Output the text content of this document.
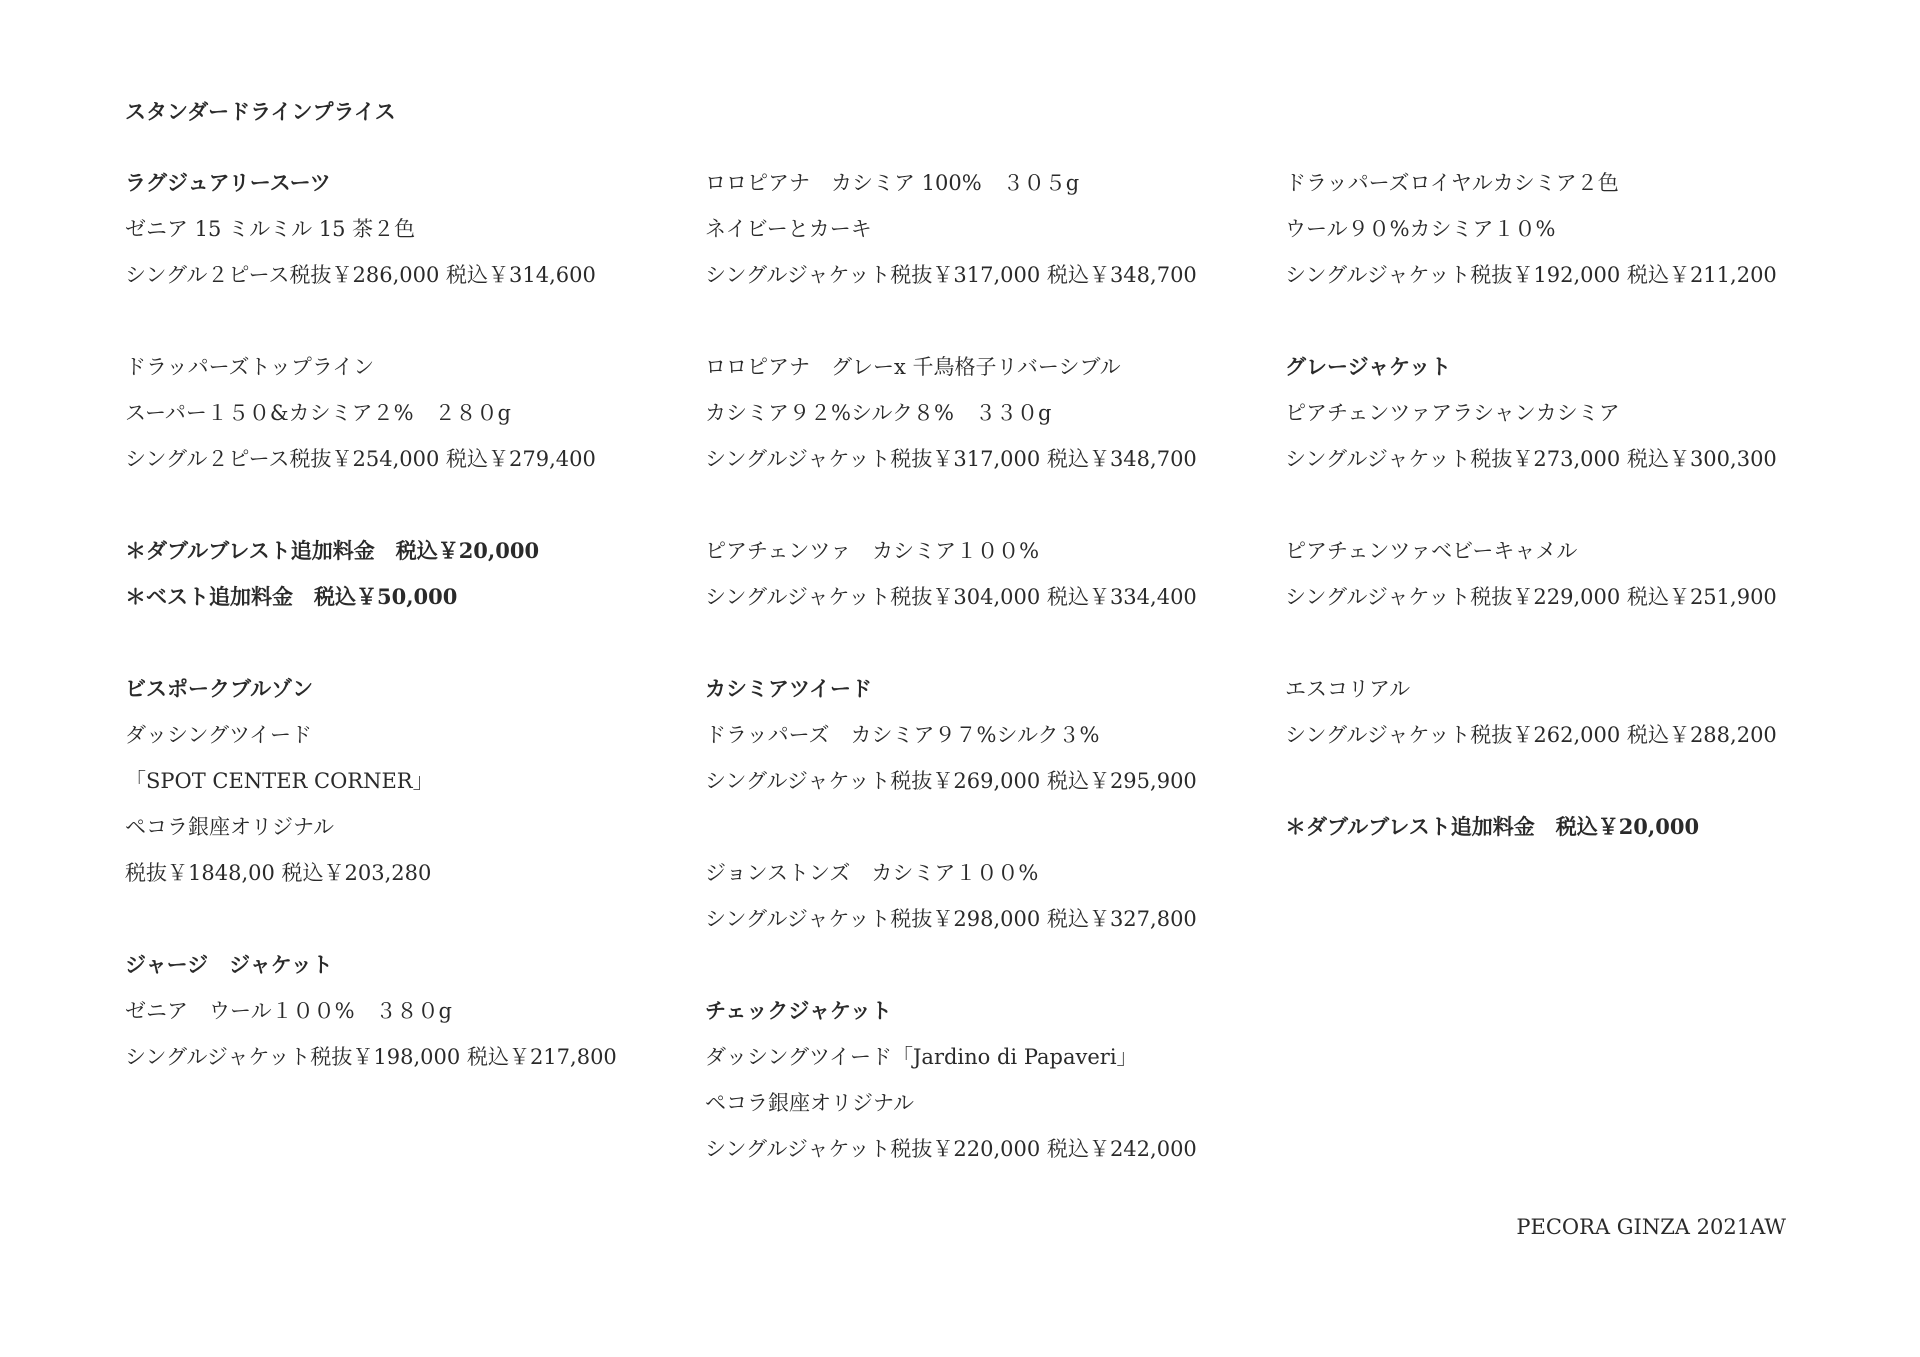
スタンダードラインプライス
ラグジュアリースーツ
ゼニア 15 ミルミル 15 茶２色
シングル２ピース税抜￥286,000 税込￥314,600
ドラッパーズトップライン
スーパー１５０&カシミア２%　２８０g
シングル２ピース税抜￥254,000 税込￥279,400
＊ダブルブレスト追加料金　税込￥20,000
＊ベスト追加料金　税込￥50,000
ビスポークブルゾン
ダッシングツイード
「SPOT CENTER CORNER」
ペコラ銀座オリジナル
税抜￥1848,00 税込￥203,280
ジャージ　ジャケット
ゼニア　ウール１００%　３８０g
シングルジャケット税抜￥198,000 税込￥217,800
ロロピアナ　カシミア 100%　３０５g
ネイビーとカーキ
シングルジャケット税抜￥317,000 税込￥348,700
ロロピアナ　グレーx 千鳥格子リバーシブル
カシミア９２%シルク８%　３３０g
シングルジャケット税抜￥317,000 税込￥348,700
ピアチェンツァ　カシミア１００%
シングルジャケット税抜￥304,000 税込￥334,400
カシミアツイード
ドラッパーズ　カシミア９７%シルク３%
シングルジャケット税抜￥269,000 税込￥295,900
ジョンストンズ　カシミア１００%
シングルジャケット税抜￥298,000 税込￥327,800
チェックジャケット
ダッシングツイード「Jardino di Papaveri」
ペコラ銀座オリジナル
シングルジャケット税抜￥220,000 税込￥242,000
ドラッパーズロイヤルカシミア２色
ウール９０%カシミア１０%
シングルジャケット税抜￥192,000 税込￥211,200
グレージャケット
ピアチェンツァアラシャンカシミア
シングルジャケット税抜￥273,000 税込￥300,300
ピアチェンツァベビーキャメル
シングルジャケット税抜￥229,000 税込￥251,900
エスコリアル
シングルジャケット税抜￥262,000 税込￥288,200
＊ダブルブレスト追加料金　税込￥20,000
PECORA GINZA 2021AW
